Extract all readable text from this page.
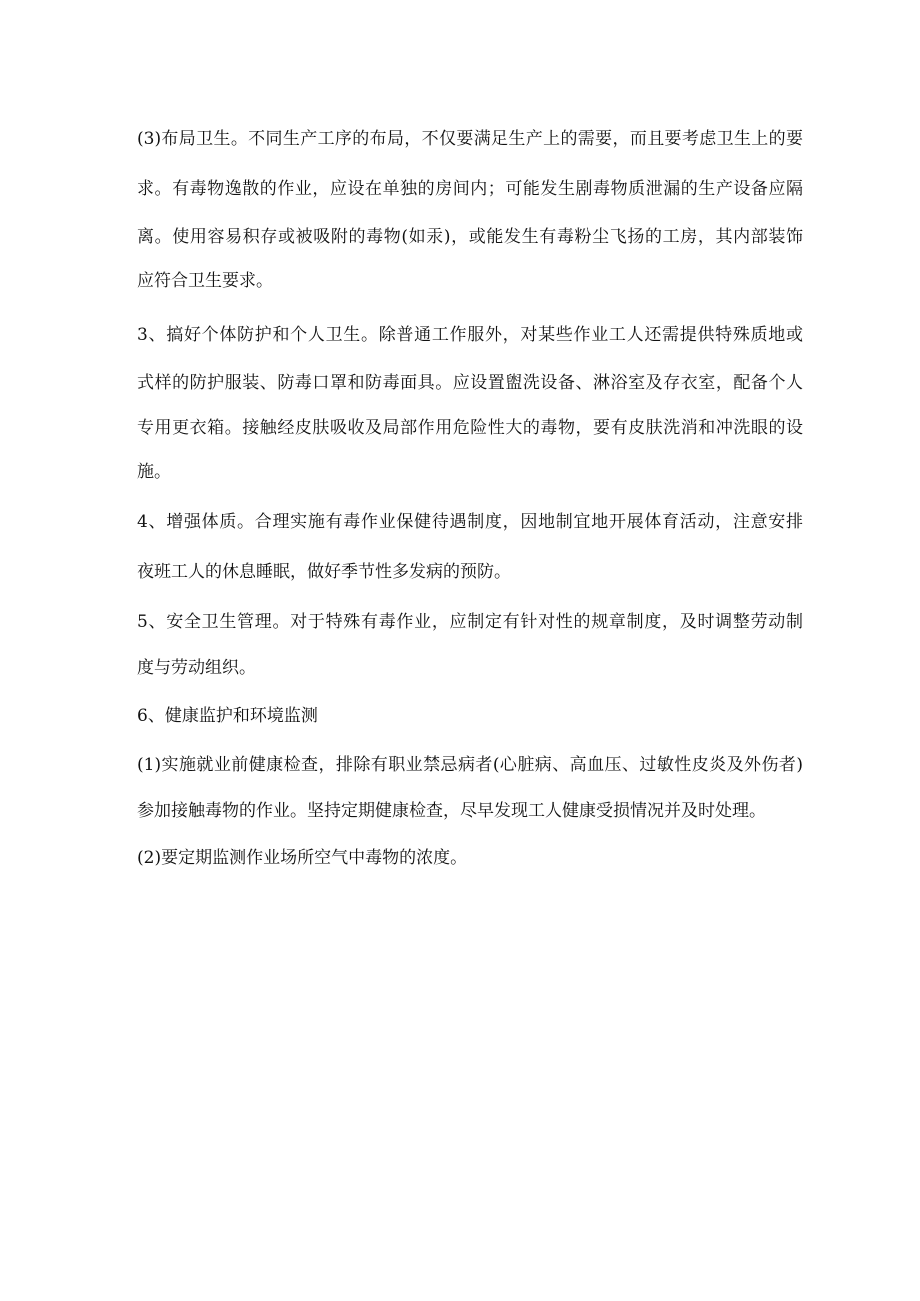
(3)布局卫生。不同生产工序的布局，不仅要满足生产上的需要，而且要考虑卫生上的要
求。有毒物逸散的作业，应设在单独的房间内；可能发生剧毒物质泄漏的生产设备应隔
离。使用容易积存或被吸附的毒物(如汞)，或能发生有毒粉尘飞扬的工房，其内部装饰
应符合卫生要求。
3、搞好个体防护和个人卫生。除普通工作服外，对某些作业工人还需提供特殊质地或
式样的防护服装、防毒口罩和防毒面具。应设置盥洗设备、淋浴室及存衣室，配备个人
专用更衣箱。接触经皮肤吸收及局部作用危险性大的毒物，要有皮肤洗消和冲洗眼的设
施。
4、增强体质。合理实施有毒作业保健待遇制度，因地制宜地开展体育活动，注意安排
夜班工人的休息睡眠，做好季节性多发病的预防。
5、安全卫生管理。对于特殊有毒作业，应制定有针对性的规章制度，及时调整劳动制
度与劳动组织。
6、健康监护和环境监测
(1)实施就业前健康检查，排除有职业禁忌病者(心脏病、高血压、过敏性皮炎及外伤者)
参加接触毒物的作业。坚持定期健康检查，尽早发现工人健康受损情况并及时处理。
(2)要定期监测作业场所空气中毒物的浓度。
